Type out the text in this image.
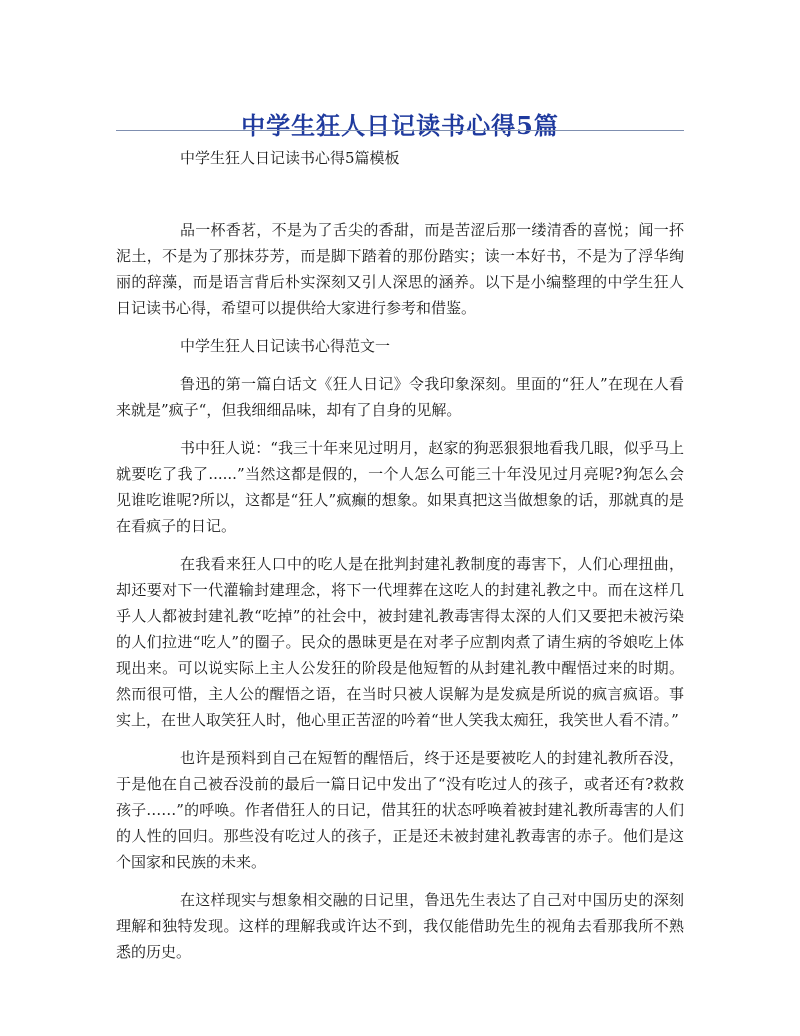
中学生狂人日记读书心得5篇

中学生狂人日记读书心得5篇模板

品一杯香茗，不是为了舌尖的香甜，而是苦涩后那一缕清香的喜悦；闻一抔泥土，不是为了那抹芬芳，而是脚下踏着的那份踏实；读一本好书，不是为了浮华绚丽的辞藻，而是语言背后朴实深刻又引人深思的涵养。以下是小编整理的中学生狂人日记读书心得，希望可以提供给大家进行参考和借鉴。

中学生狂人日记读书心得范文一

鲁迅的第一篇白话文《狂人日记》令我印象深刻。里面的“狂人”在现在人看来就是”疯子“，但我细细品味，却有了自身的见解。

书中狂人说：“我三十年来见过明月，赵家的狗恶狠狠地看我几眼，似乎马上就要吃了我了......”当然这都是假的，一个人怎么可能三十年没见过月亮呢?狗怎么会见谁吃谁呢?所以，这都是“狂人”疯癫的想象。如果真把这当做想象的话，那就真的是在看疯子的日记。

在我看来狂人口中的吃人是在批判封建礼教制度的毒害下，人们心理扭曲，却还要对下一代灌输封建理念，将下一代埋葬在这吃人的封建礼教之中。而在这样几乎人人都被封建礼教“吃掉”的社会中，被封建礼教毒害得太深的人们又要把未被污染的人们拉进“吃人”的圈子。民众的愚昧更是在对孝子应割肉煮了请生病的爷娘吃上体现出来。可以说实际上主人公发狂的阶段是他短暂的从封建礼教中醒悟过来的时期。然而很可惜，主人公的醒悟之语，在当时只被人误解为是发疯是所说的疯言疯语。事实上，在世人取笑狂人时，他心里正苦涩的吟着“世人笑我太痴狂，我笑世人看不清。”

也许是预料到自己在短暂的醒悟后，终于还是要被吃人的封建礼教所吞没，于是他在自己被吞没前的最后一篇日记中发出了“没有吃过人的孩子，或者还有?救救孩子……”的呼唤。作者借狂人的日记，借其狂的状态呼唤着被封建礼教所毒害的人们的人性的回归。那些没有吃过人的孩子，正是还未被封建礼教毒害的赤子。他们是这个国家和民族的未来。

在这样现实与想象相交融的日记里，鲁迅先生表达了自己对中国历史的深刻理解和独特发现。这样的理解我或许达不到，我仅能借助先生的视角去看那我所不熟悉的历史。
